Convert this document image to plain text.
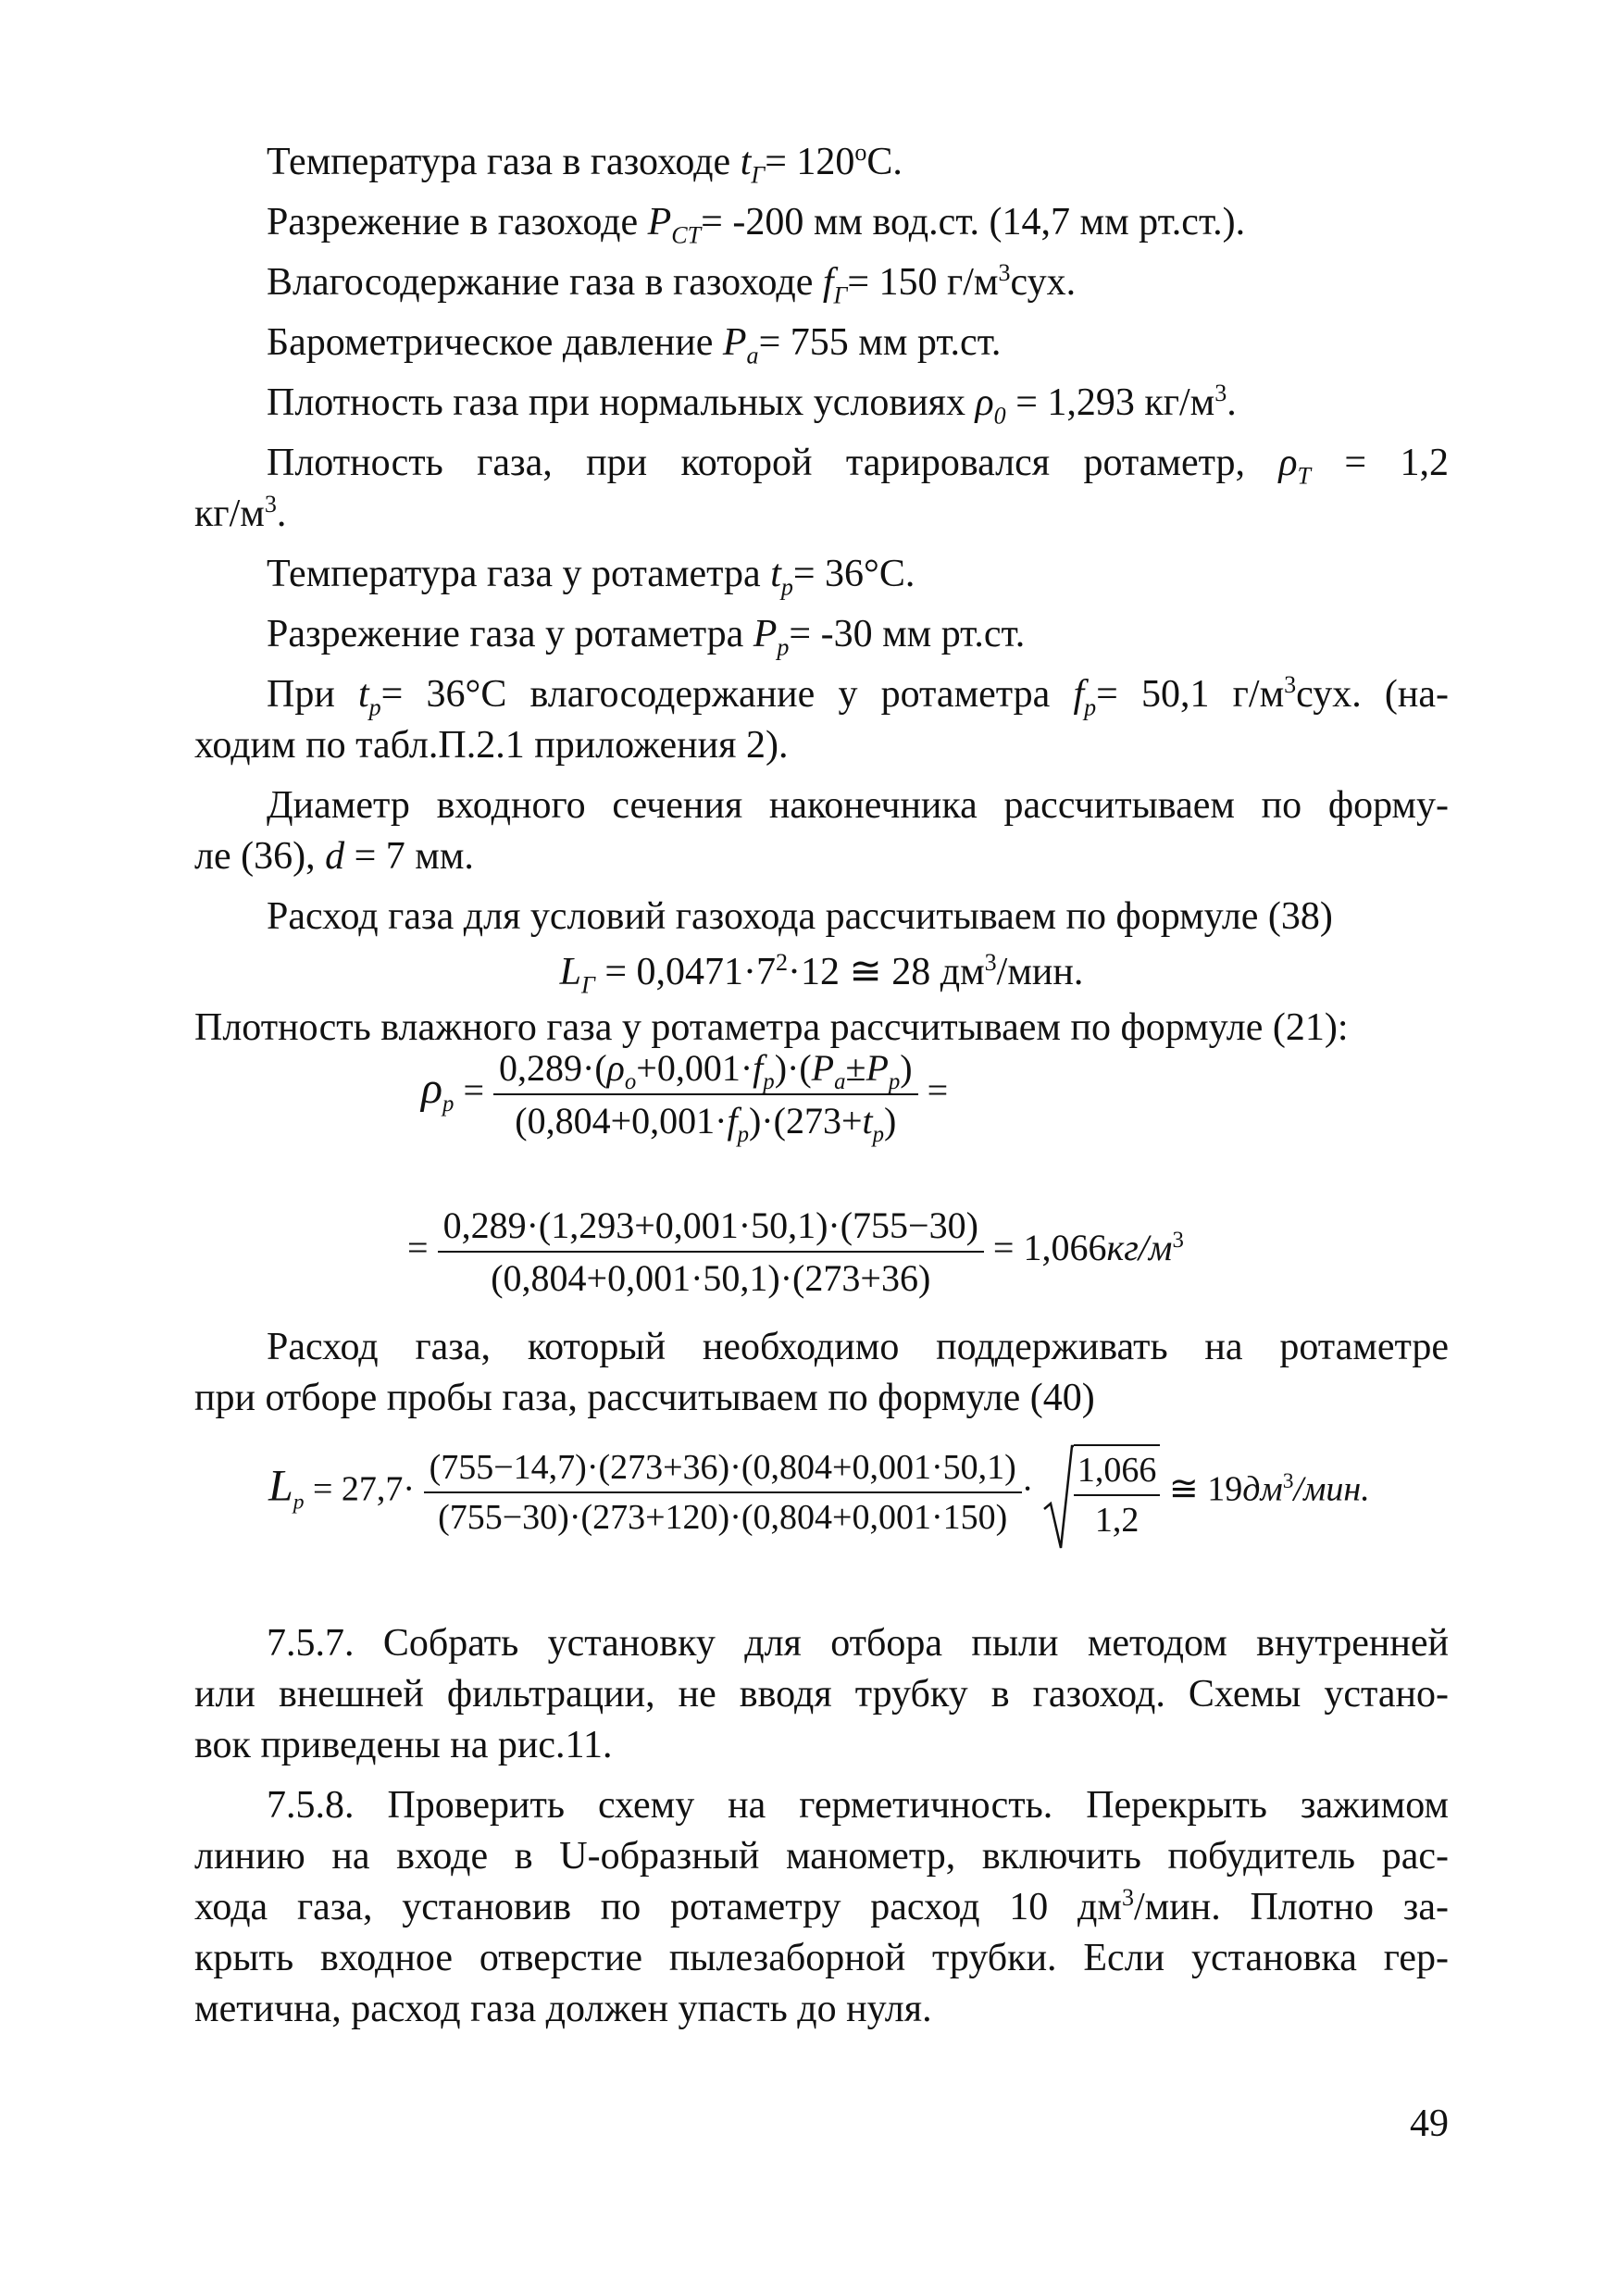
Температура газа в газоходе $t_Г= 120^oС$.
Разрежение в газоходе $P_{СТ}= -200$ мм вод.ст. (14,7 мм рт.ст.).
Влагосодержание газа в газоходе $f_Г= 150$ $г/м^3сух$.
Барометрическое давление $P_а= 755$ мм рт.ст.
Плотность газа при нормальных условиях $\rho_0 = 1,293$ $кг/м^3$.
Плотность газа, при которой тарировался ротаметр, $\rho_Т = 1,2$
$кг/м^3$.
Температура газа у ротаметра $t_p= 36^\circ С$.
Разрежение газа у ротаметра $P_p= -30$ мм рт.ст.
При $t_p= 36^\circ С$ влагосодержание у ротаметра $f_p= 50,1$ $г/м^3сух$. (на-
ходим по табл.П.2.1 приложения 2).
Диаметр входного сечения наконечника рассчитываем по форму-
ле (36), d = 7 мм.
Расход газа для условий газохода рассчитываем по формуле (38)
$L_Г = 0,0471\cdot 7^2\cdot 12$ ≅ 28 $дм^3$/мин.
Плотность влажного газа у ротаметра рассчитываем по формуле (21):
$\rho_p = \frac{0,289\cdot(\rho_o+0,001\cdot f_p)\cdot(P_a\pm P_p)}{(0,804+0,001\cdot f_p)\cdot(273+t_p)}$ =
= $\frac{0,289\cdot(1,293+0,001\cdot 50,1)\cdot(755-30)}{(0,804+0,001\cdot 50,1)\cdot(273+36)} = 1,066кг/м^3$
Расход газа, который необходимо поддерживать на ротаметре
при отборе пробы газа, рассчитываем по формуле (40)
$L_p = 27,7\cdot \frac{(755-14,7)\cdot(273+36)\cdot(0,804+0,001\cdot 50,1)}{(755-30)\cdot(273+120)\cdot(0,804+0,001\cdot 150)} \cdot \frac{1,066}{1,2}$ ≅ $19дм^3$/мин.
7.5.7. Собрать установку для отбора пыли методом внутренней
или внешней фильтрации, не вводя трубку в газоход. Схемы устано-
вок приведены на рис.11.
7.5.8. Проверить схему на герметичность. Перекрыть зажимом
линию на входе в U-образный манометр, включить побудитель рас-
хода газа, установив по ротаметру расход 10 $дм^3$/мин. Плотно за-
крыть входное отверстие пылезаборной трубки. Если установка гер-
метична, расход газа должен упасть до нуля.
49
